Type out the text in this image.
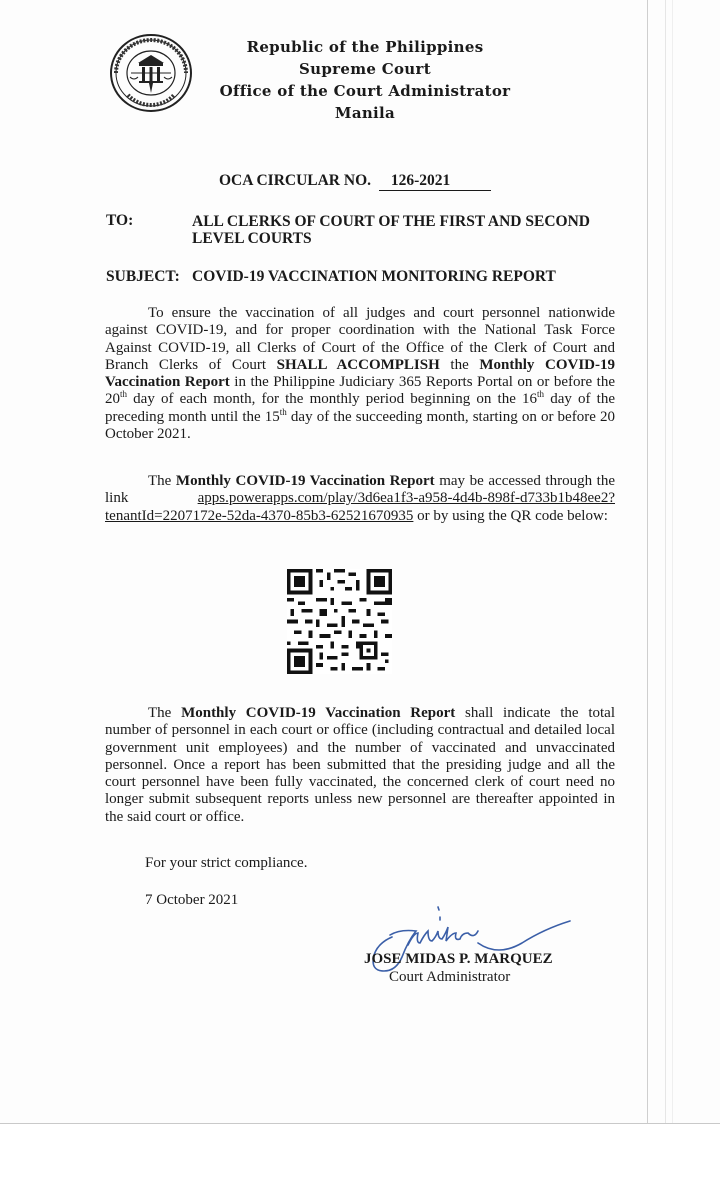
Republic of the Philippines
Supreme Court
Office of the Court Administrator
Manila
OCA CIRCULAR NO. 126-2021
TO:	ALL CLERKS OF COURT OF THE FIRST AND SECOND LEVEL COURTS
SUBJECT: COVID-19 VACCINATION MONITORING REPORT
To ensure the vaccination of all judges and court personnel nationwide against COVID-19, and for proper coordination with the National Task Force Against COVID-19, all Clerks of Court of the Office of the Clerk of Court and Branch Clerks of Court SHALL ACCOMPLISH the Monthly COVID-19 Vaccination Report in the Philippine Judiciary 365 Reports Portal on or before the 20th day of each month, for the monthly period beginning on the 16th day of the preceding month until the 15th day of the succeeding month, starting on or before 20 October 2021.
The Monthly COVID-19 Vaccination Report may be accessed through the link apps.powerapps.com/play/3d6ea1f3-a958-4d4b-898f-d733b1b48ee2?tenantId=2207172e-52da-4370-85b3-62521670935 or by using the QR code below:
The Monthly COVID-19 Vaccination Report shall indicate the total number of personnel in each court or office (including contractual and detailed local government unit employees) and the number of vaccinated and unvaccinated personnel. Once a report has been submitted that the presiding judge and all the court personnel have been fully vaccinated, the concerned clerk of court need no longer submit subsequent reports unless new personnel are thereafter appointed in the said court or office.
For your strict compliance.
7 October 2021
JOSE MIDAS P. MARQUEZ
Court Administrator
